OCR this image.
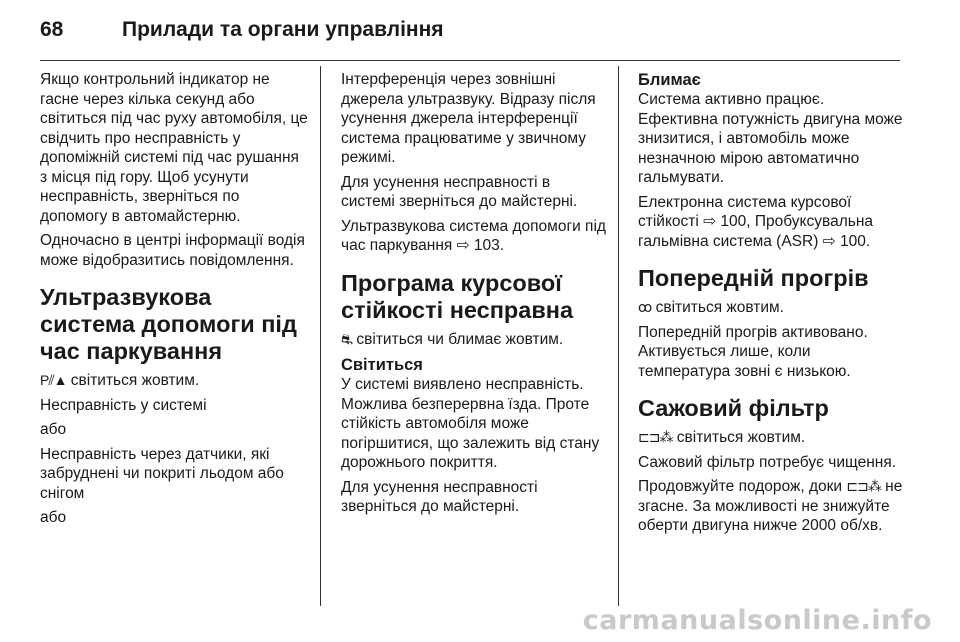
68	Прилади та органи управління

Якщо контрольний індикатор не гасне через кілька секунд або світиться під час руху автомобіля, це свідчить про несправність у допоміжній системі під час рушання з місця під гору. Щоб усунути несправність, зверніться по допомогу в автомайстерню.

Одночасно в центрі інформації водія може відобразитись повідомлення.

Ультразвукова система допомоги під час паркування

P⫽▲ світиться жовтим.

Несправність у системі

або

Несправність через датчики, які забруднені чи покриті льодом або снігом

або

Інтерференція через зовнішні джерела ультразвуку. Відразу після усунення джерела інтерференції система працюватиме у звичному режимі.

Для усунення несправності в системі зверніться до майстерні.

Ультразвукова система допомоги під час паркування ⇨ 103.

Програма курсової стійкості несправна

⛐ світиться чи блимає жовтим.

Світиться

У системі виявлено несправність. Можлива безперервна їзда. Проте стійкість автомобіля може погіршитися, що залежить від стану дорожнього покриття.

Для усунення несправності зверніться до майстерні.

Блимає

Система активно працює. Ефективна потужність двигуна може знизитися, і автомобіль може незначною мірою автоматично гальмувати.

Електронна система курсової стійкості ⇨ 100, Пробуксувальна гальмівна система (ASR) ⇨ 100.

Попередній прогрів

ꝏ світиться жовтим.

Попередній прогрів активовано. Активується лише, коли температура зовні є низькою.

Сажовий фільтр

⊏⊐⁂ світиться жовтим.

Сажовий фільтр потребує чищення.

Продовжуйте подорож, доки ⊏⊐⁂ не згасне. За можливості не знижуйте оберти двигуна нижче 2000 об/хв.

carmanualsonline.info
